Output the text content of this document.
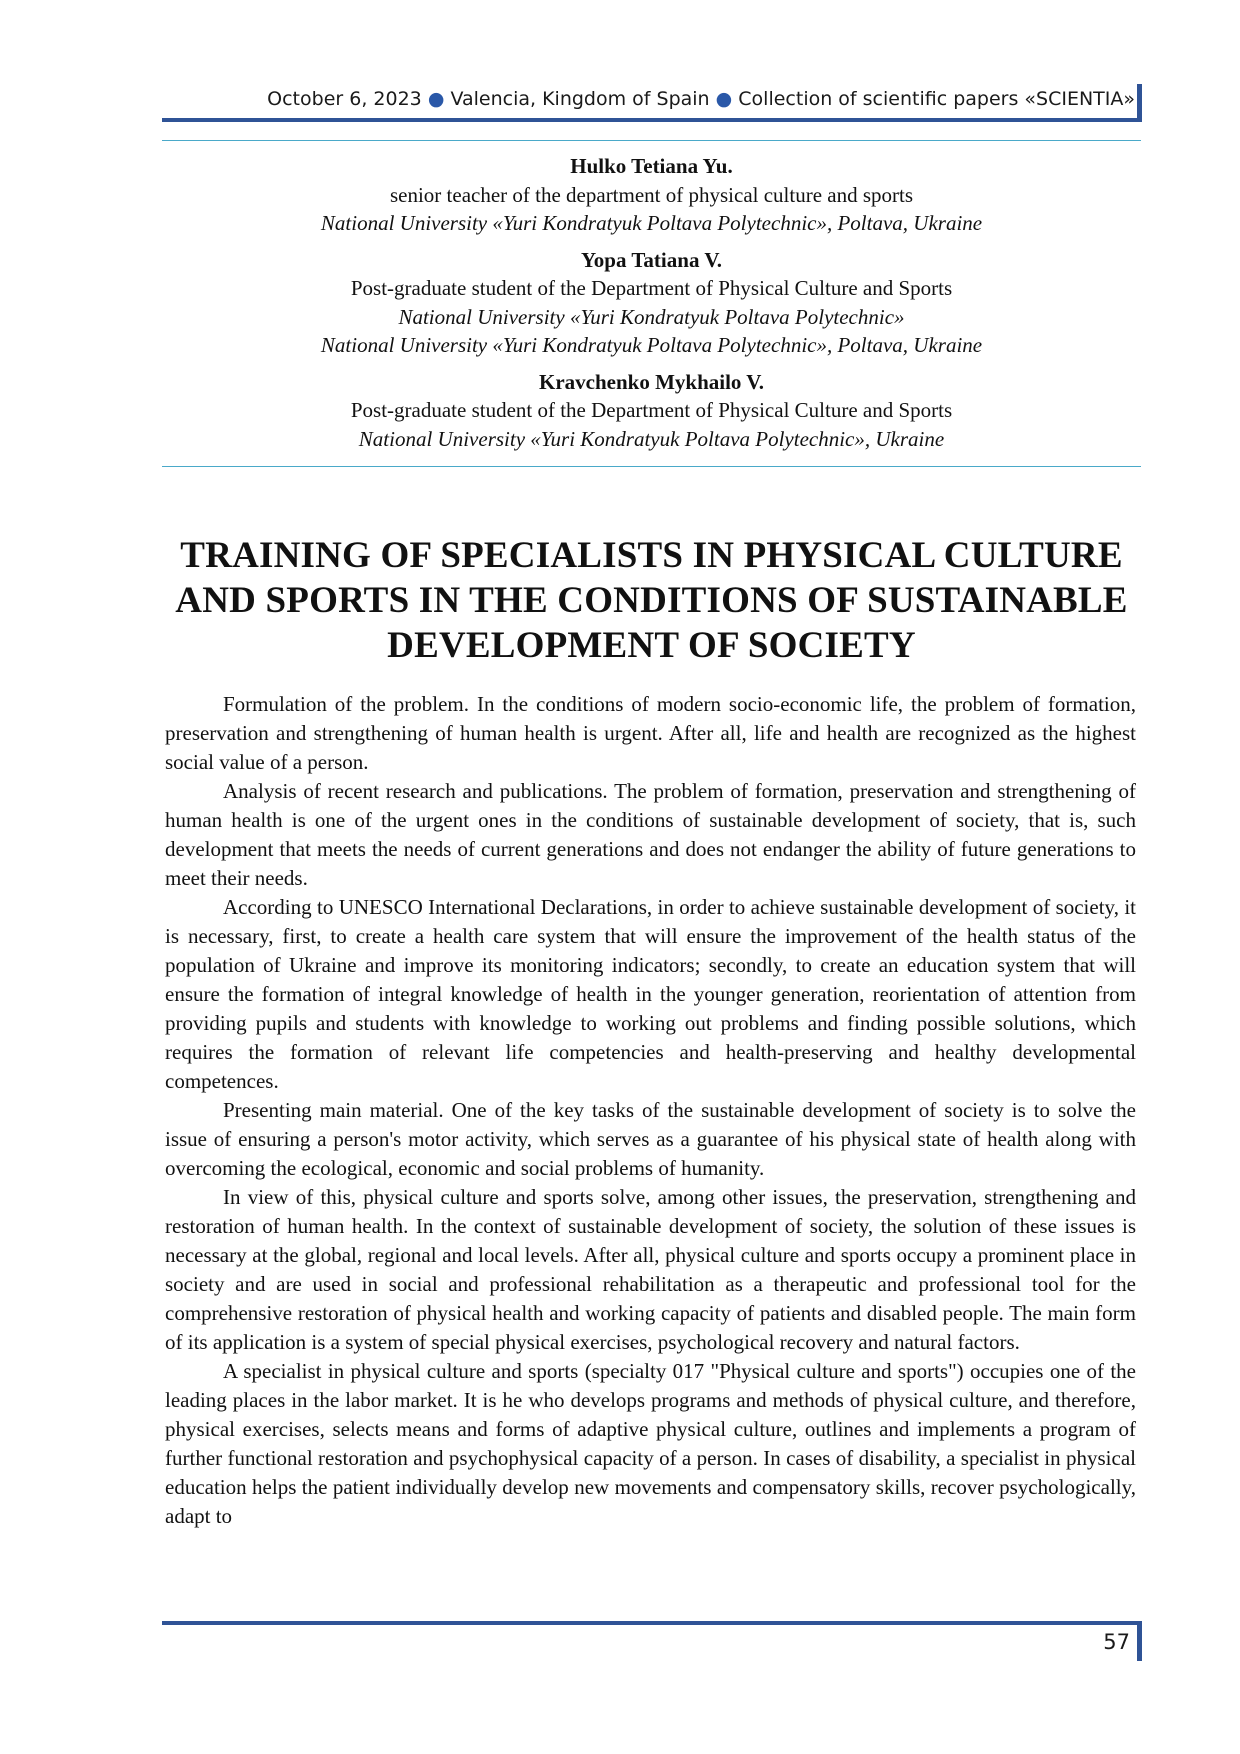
October 6, 2023 ● Valencia, Kingdom of Spain ● Collection of scientific papers «SCIENTIA»
Hulko Tetiana Yu.
senior teacher of the department of physical culture and sports
National University «Yuri Kondratyuk Poltava Polytechnic», Poltava, Ukraine
Yopa Tatiana V.
Post-graduate student of the Department of Physical Culture and Sports
National University «Yuri Kondratyuk Poltava Polytechnic»
National University «Yuri Kondratyuk Poltava Polytechnic», Poltava, Ukraine
Kravchenko Mykhailo V.
Post-graduate student of the Department of Physical Culture and Sports
National University «Yuri Kondratyuk Poltava Polytechnic», Ukraine
TRAINING OF SPECIALISTS IN PHYSICAL CULTURE
AND SPORTS IN THE CONDITIONS OF SUSTAINABLE
DEVELOPMENT OF SOCIETY

Formulation of the problem. In the conditions of modern socio-economic life, the problem of formation, preservation and strengthening of human health is urgent. After all, life and health are recognized as the highest social value of a person.

Analysis of recent research and publications. The problem of formation, preservation and strengthening of human health is one of the urgent ones in the conditions of sustainable development of society, that is, such development that meets the needs of current generations and does not endanger the ability of future generations to meet their needs.

According to UNESCO International Declarations, in order to achieve sustainable development of society, it is necessary, first, to create a health care system that will ensure the improvement of the health status of the population of Ukraine and improve its monitoring indicators; secondly, to create an education system that will ensure the formation of integral knowledge of health in the younger generation, reorientation of attention from providing pupils and students with knowledge to working out problems and finding possible solutions, which requires the formation of relevant life competencies and health-preserving and healthy developmental competences.

Presenting main material. One of the key tasks of the sustainable development of society is to solve the issue of ensuring a person's motor activity, which serves as a guarantee of his physical state of health along with overcoming the ecological, economic and social problems of humanity.

In view of this, physical culture and sports solve, among other issues, the preservation, strengthening and restoration of human health. In the context of sustainable development of society, the solution of these issues is necessary at the global, regional and local levels. After all, physical culture and sports occupy a prominent place in society and are used in social and professional rehabilitation as a therapeutic and professional tool for the comprehensive restoration of physical health and working capacity of patients and disabled people. The main form of its application is a system of special physical exercises, psychological recovery and natural factors.

A specialist in physical culture and sports (specialty 017 "Physical culture and sports") occupies one of the leading places in the labor market. It is he who develops programs and methods of physical culture, and therefore, physical exercises, selects means and forms of adaptive physical culture, outlines and implements a program of further functional restoration and psychophysical capacity of a person. In cases of disability, a specialist in physical education helps the patient individually develop new movements and compensatory skills, recover psychologically, adapt to

57
